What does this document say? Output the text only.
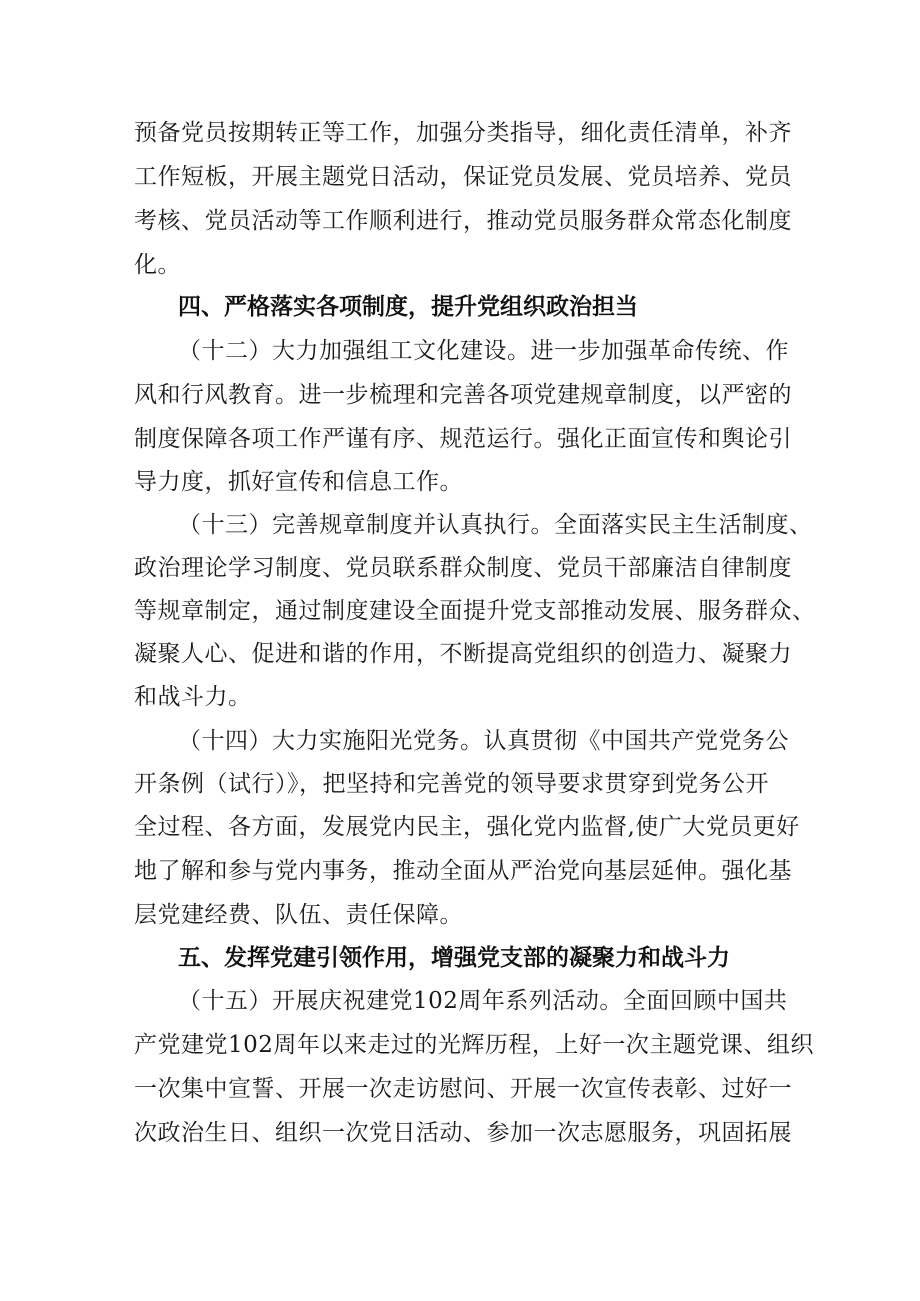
预备党员按期转正等工作，加强分类指导，细化责任清单，补齐
工作短板，开展主题党日活动，保证党员发展、党员培养、党员
考核、党员活动等工作顺利进行，推动党员服务群众常态化制度
化。
四、严格落实各项制度，提升党组织政治担当
（十二）大力加强组工文化建设。进一步加强革命传统、作
风和行风教育。进一步梳理和完善各项党建规章制度，以严密的
制度保障各项工作严谨有序、规范运行。强化正面宣传和舆论引
导力度，抓好宣传和信息工作。
（十三）完善规章制度并认真执行。全面落实民主生活制度、
政治理论学习制度、党员联系群众制度、党员干部廉洁自律制度
等规章制定，通过制度建设全面提升党支部推动发展、服务群众、
凝聚人心、促进和谐的作用，不断提高党组织的创造力、凝聚力
和战斗力。
（十四）大力实施阳光党务。认真贯彻《中国共产党党务公
开条例（试行）》，把坚持和完善党的领导要求贯穿到党务公开
全过程、各方面，发展党内民主，强化党内监督,使广大党员更好
地了解和参与党内事务，推动全面从严治党向基层延伸。强化基
层党建经费、队伍、责任保障。
五、发挥党建引领作用，增强党支部的凝聚力和战斗力
（十五）开展庆祝建党102周年系列活动。全面回顾中国共
产党建党102周年以来走过的光辉历程，上好一次主题党课、组织
一次集中宣誓、开展一次走访慰问、开展一次宣传表彰、过好一
次政治生日、组织一次党日活动、参加一次志愿服务，巩固拓展
